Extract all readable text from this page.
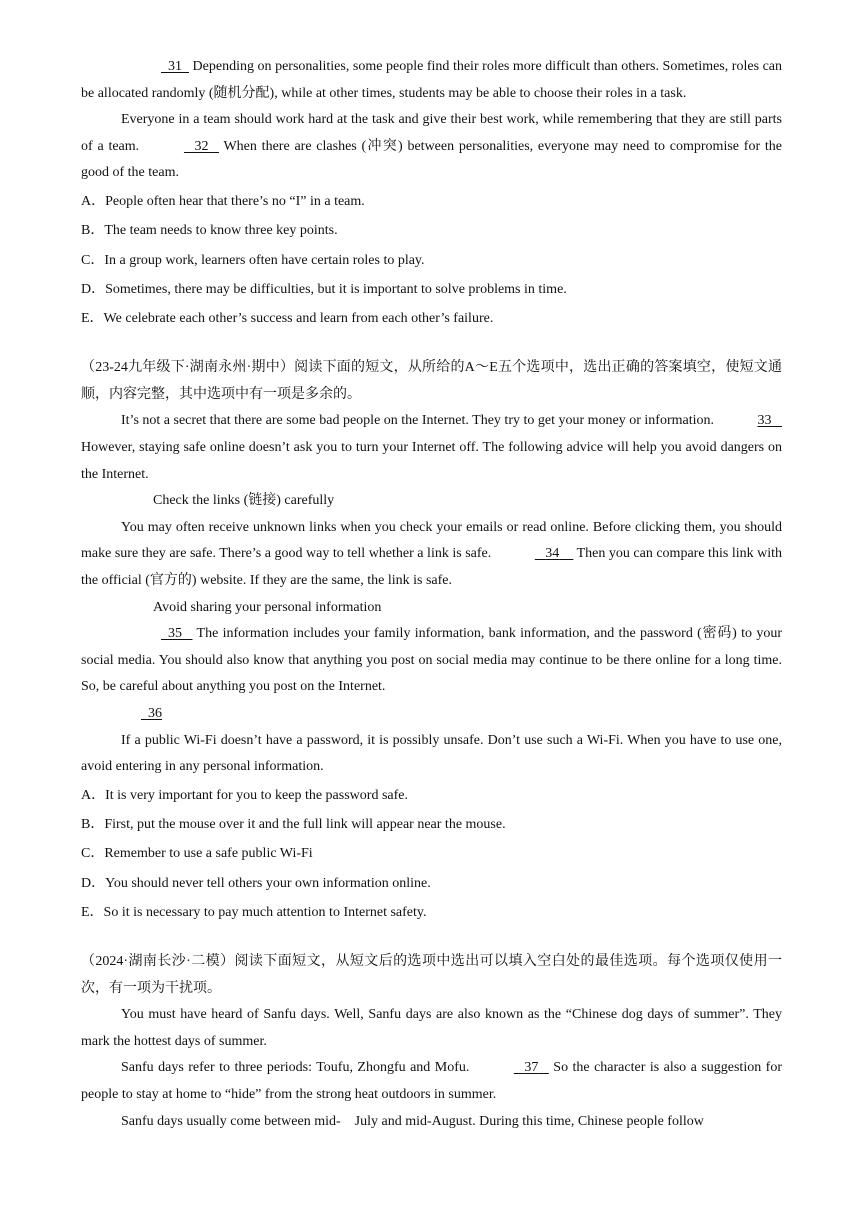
31   Depending on personalities, some people find their roles more difficult than others. Sometimes, roles can be allocated randomly (随机分配), while at other times, students may be able to choose their roles in a task.

Everyone in a team should work hard at the task and give their best work, while remembering that they are still parts of a team.	32    When there are clashes (冲突) between personalities, everyone may need to compromise for the good of the team.

A．People often hear that there’s no “I” in a team.

B．The team needs to know three key points.

C．In a group work, learners often have certain roles to play.

D．Sometimes, there may be difficulties, but it is important to solve problems in time.

E．We celebrate each other’s success and learn from each other’s failure.

（23-24九年级下·湖南永州·期中）阅读下面的短文，从所给的A～E五个选项中，选出正确的答案填空，使短文通顺，内容完整，其中选项中有一项是多余的。

It’s not a secret that there are some bad people on the Internet. They try to get your money or information.	33    However, staying safe online doesn’t ask you to turn your Internet off. The following advice will help you avoid dangers on the Internet.

Check the links (链接) carefully

You may often receive unknown links when you check your emails or read online. Before clicking them, you should make sure they are safe. There’s a good way to tell whether a link is safe.	34     Then you can compare this link with the official (官方的) website. If they are the same, the link is safe.

Avoid sharing your personal information

35    The information includes your family information, bank information, and the password (密码) to your social media. You should also know that anything you post on social media may continue to be there online for a long time. So, be careful about anything you post on the Internet.

36

If a public Wi-Fi doesn’t have a password, it is possibly unsafe. Don’t use such a Wi-Fi. When you have to use one, avoid entering in any personal information.

A．It is very important for you to keep the password safe.

B．First, put the mouse over it and the full link will appear near the mouse.

C．Remember to use a safe public Wi-Fi

D．You should never tell others your own information online.

E．So it is necessary to pay much attention to Internet safety.

（2024·湖南长沙·二模）阅读下面短文，从短文后的选项中选出可以填入空白处的最佳选项。每个选项仅使用一次，有一项为干扰项。

You must have heard of Sanfu days. Well, Sanfu days are also known as the “Chinese dog days of summer”. They mark the hottest days of summer.

Sanfu days refer to three periods: Toufu, Zhongfu and Mofu.	37    So the character is also a suggestion for people to stay at home to “hide” from the strong heat outdoors in summer.

Sanfu days usually come between mid-    July and mid-August. During this time, Chinese people follow
